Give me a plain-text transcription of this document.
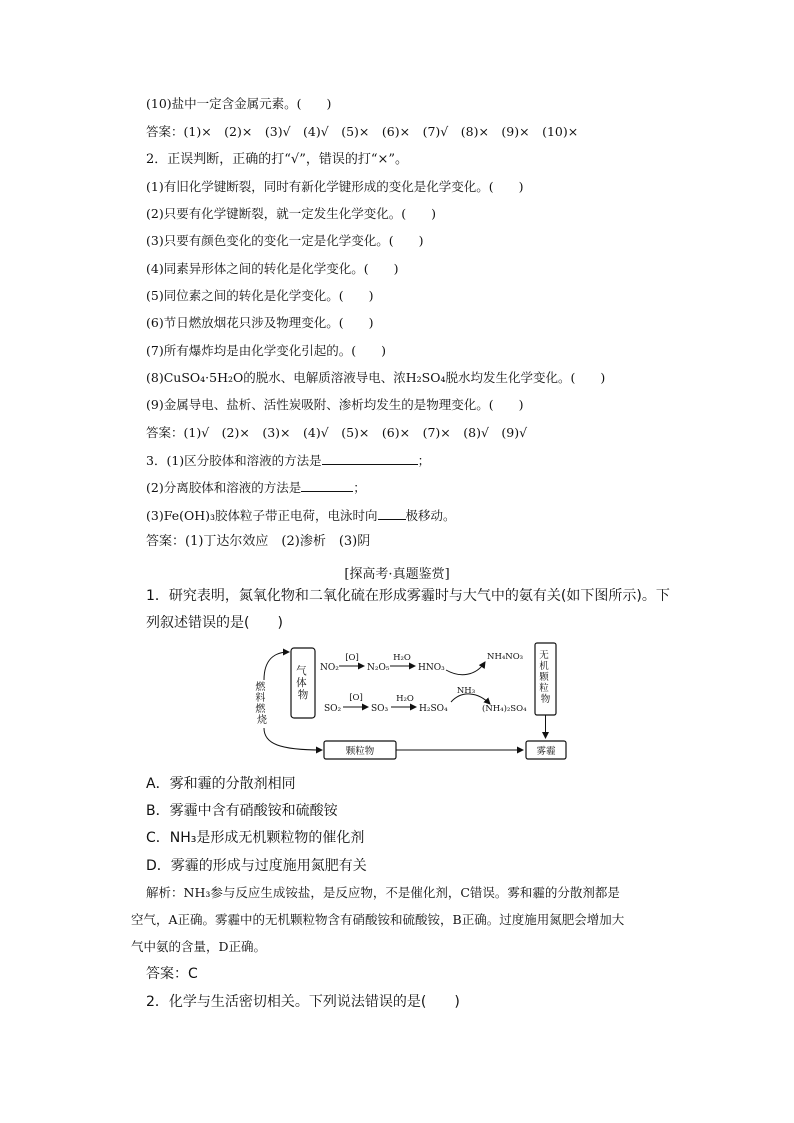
(10)盐中一定含金属元素。(　　)
答案：(1)×　(2)×　(3)√　(4)√　(5)×　(6)×　(7)√　(8)×　(9)×　(10)×
2．正误判断，正确的打“√”，错误的打“×”。
(1)有旧化学键断裂，同时有新化学键形成的变化是化学变化。(　　)
(2)只要有化学键断裂，就一定发生化学变化。(　　)
(3)只要有颜色变化的变化一定是化学变化。(　　)
(4)同素异形体之间的转化是化学变化。(　　)
(5)同位素之间的转化是化学变化。(　　)
(6)节日燃放烟花只涉及物理变化。(　　)
(7)所有爆炸均是由化学变化引起的。(　　)
(8)CuSO₄·5H₂O的脱水、电解质溶液导电、浓H₂SO₄脱水均发生化学变化。(　　)
(9)金属导电、盐析、活性炭吸附、渗析均发生的是物理变化。(　　)
答案：(1)√　(2)×　(3)×　(4)√　(5)×　(6)×　(7)×　(8)√　(9)√
3．(1)区分胶体和溶液的方法是	；
(2)分离胶体和溶液的方法是	；
(3)Fe(OH)₃胶体粒子带正电荷，电泳时向 极移动。
答案：(1)丁达尔效应　(2)渗析　(3)阴
[探高考·真题鉴赏]
1．研究表明，氮氧化物和二氧化硫在形成雾霾时与大气中的氨有关(如下图所示)。下
列叙述错误的是(　　)
气 体 物
燃 料 燃 烧
NO₂
[O]
N₂O₅
H₂O
HNO₃
NH₄NO₃
SO₂
[O]
SO₃
H₂O
H₂SO₄
NH₃
(NH₄)₂SO₄
无 机 颗 粒 物
颗粒物	雾霾
A．雾和霾的分散剂相同
B．雾霾中含有硝酸铵和硫酸铵
C．NH₃是形成无机颗粒物的催化剂
D．雾霾的形成与过度施用氮肥有关
解析：NH₃参与反应生成铵盐，是反应物，不是催化剂，C错误。雾和霾的分散剂都是
空气，A正确。雾霾中的无机颗粒物含有硝酸铵和硫酸铵，B正确。过度施用氮肥会增加大
气中氨的含量，D正确。
答案：C
2．化学与生活密切相关。下列说法错误的是(　　)
